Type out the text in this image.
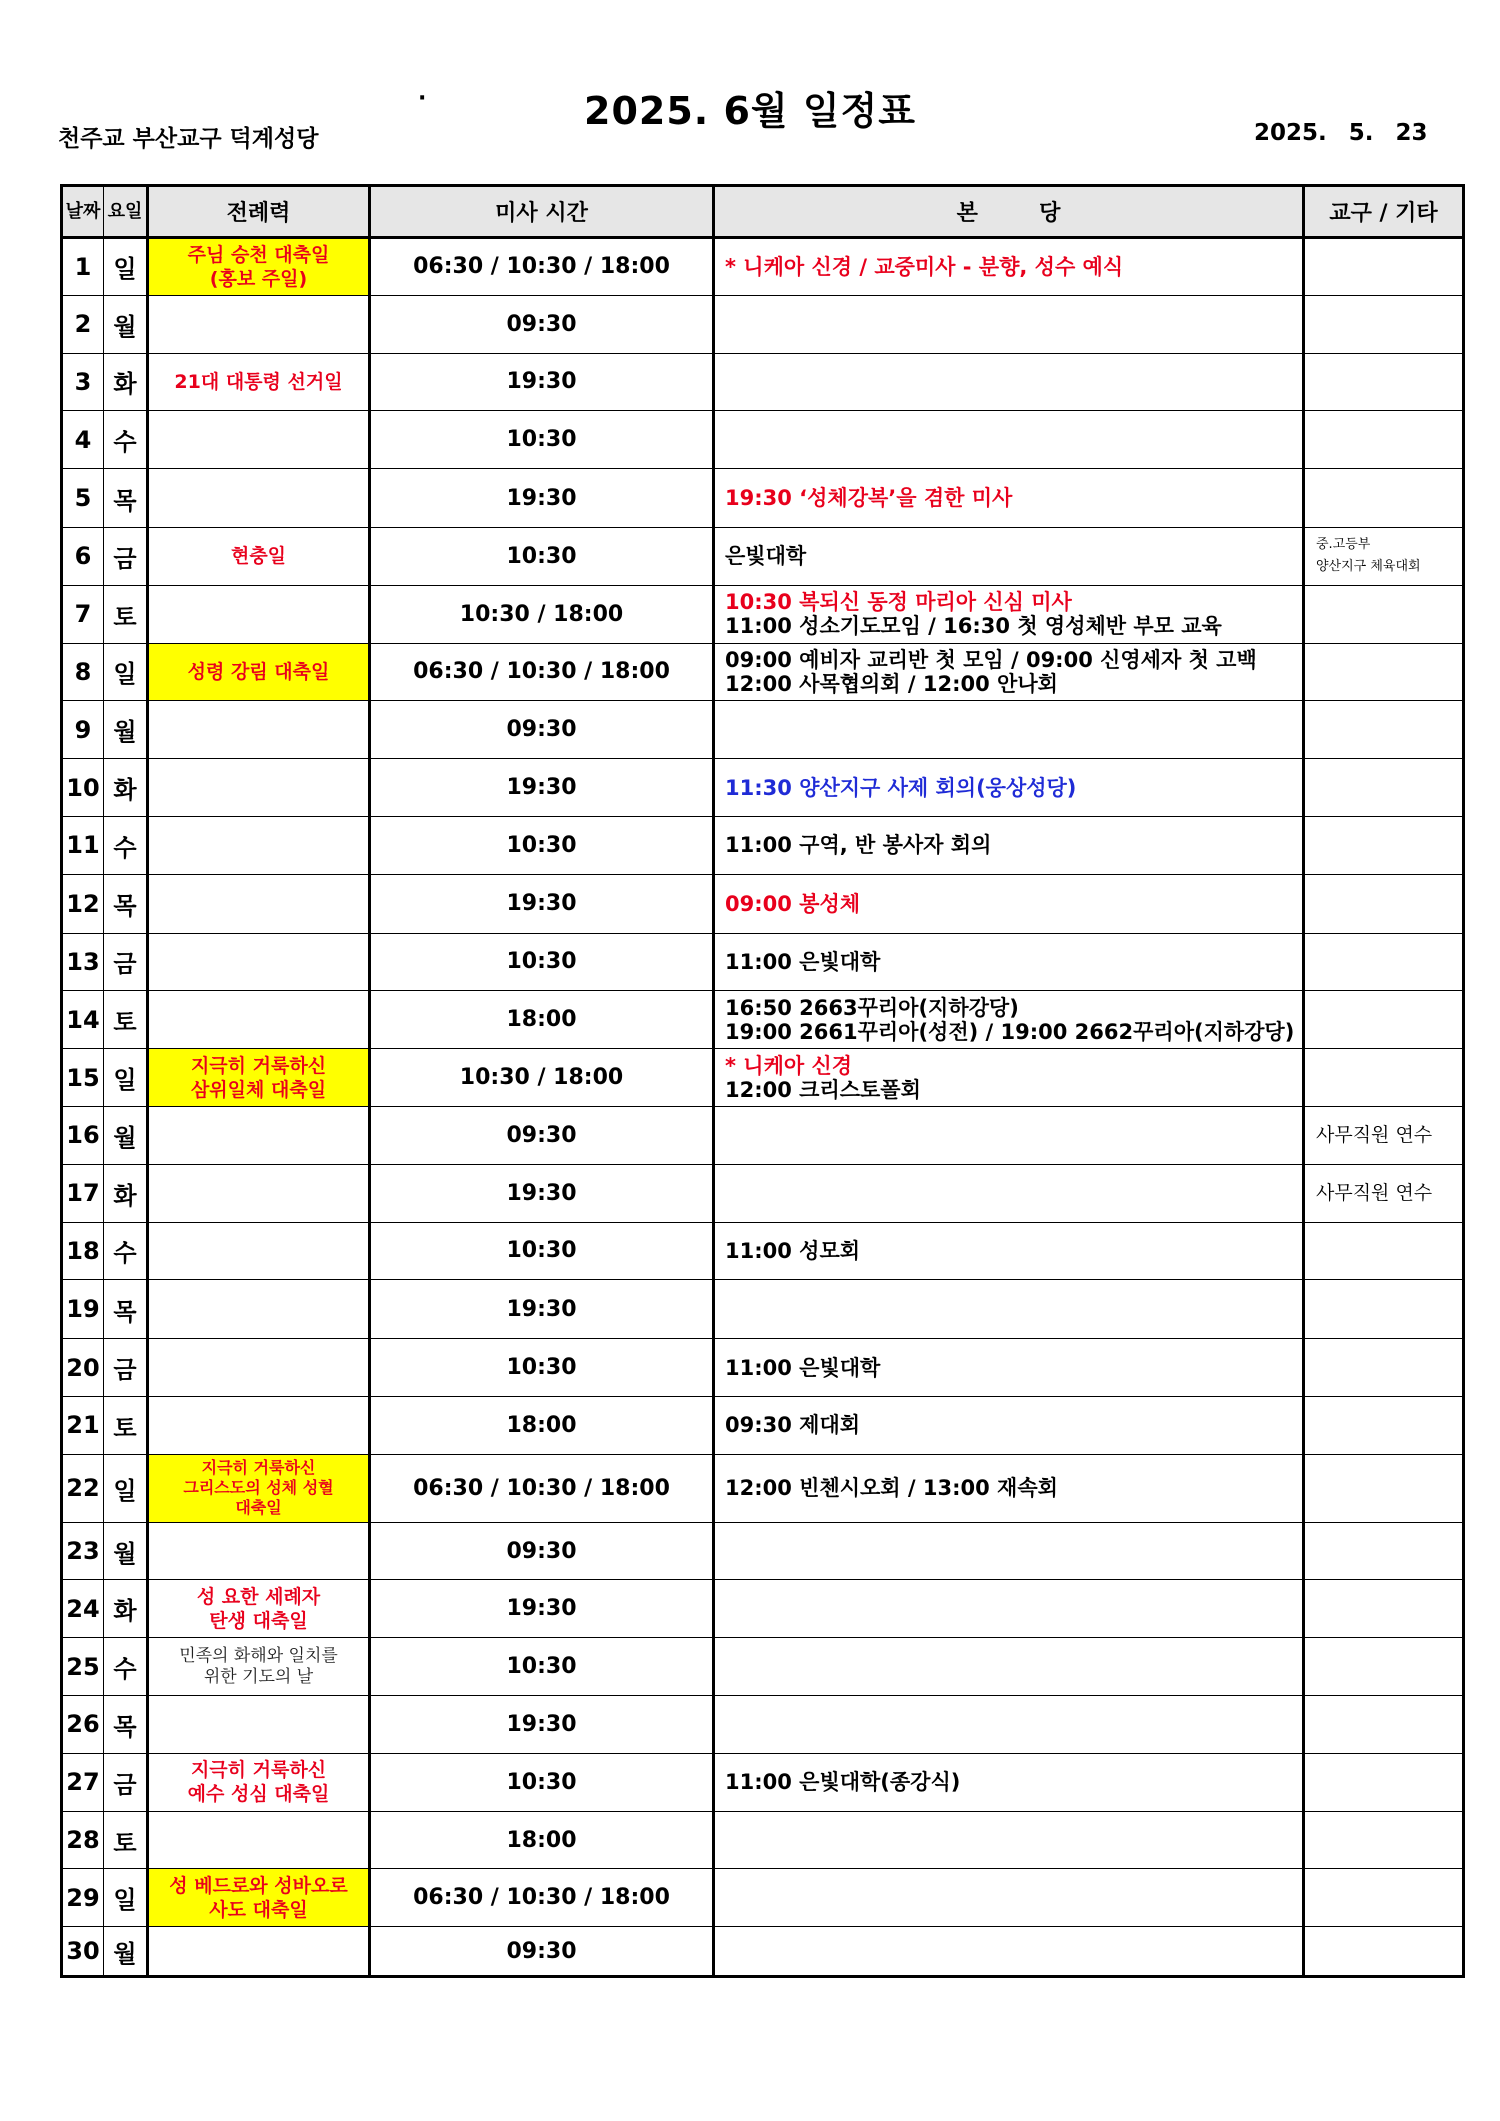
·	2025. 6월 일정표
천주교 부산교구 덕계성당	2025. 5. 23
날짜	요일	전례력	미사 시간	본        당	교구 / 기타
1	일	주님 승천 대축일
(홍보 주일)	06:30 / 10:30 / 18:00	* 니케아 신경 / 교중미사 - 분향, 성수 예식	

2	월		09:30		
3	화	21대 대통령 선거일	19:30		
4	수		10:30		
5	목		19:30	19:30 ‘성체강복’을 겸한 미사	

6	금	현충일	10:30	은빛대학	중.고등부
양산지구 체육대회

7	토		10:30 / 18:00	10:30 복되신 동정 마리아 신심 미사
11:00 성소기도모임 / 16:30 첫 영성체반 부모 교육	

8	일	성령 강림 대축일	06:30 / 10:30 / 18:00	09:00 예비자 교리반 첫 모임 / 09:00 신영세자 첫 고백
12:00 사목협의회 / 12:00 안나회	

9	월		09:30		
10	화		19:30	11:30 양산지구 사제 회의(웅상성당)	

11	수		10:30	11:00 구역, 반 봉사자 회의	

12	목		19:30	09:00 봉성체	

13	금		10:30	11:00 은빛대학	

14	토		18:00	16:50 2663꾸리아(지하강당)
19:00 2661꾸리아(성전) / 19:00 2662꾸리아(지하강당)	

15	일	지극히 거룩하신
삼위일체 대축일	10:30 / 18:00	* 니케아 신경
12:00 크리스토폴회	

16	월		09:30		사무직원 연수

17	화		19:30		사무직원 연수

18	수		10:30	11:00 성모회	

19	목		19:30		
20	금		10:30	11:00 은빛대학	

21	토		18:00	09:30 제대회	

22	일	지극히 거룩하신
그리스도의 성체 성혈
대축일	06:30 / 10:30 / 18:00	12:00 빈첸시오회 / 13:00 재속회	

23	월		09:30		
24	화	성 요한 세례자
탄생 대축일	19:30		
25	수	민족의 화해와 일치를
위한 기도의 날	10:30		
26	목		19:30		
27	금	지극히 거룩하신
예수 성심 대축일	10:30	11:00 은빛대학(종강식)	

28	토		18:00		
29	일	성 베드로와 성바오로
사도 대축일	06:30 / 10:30 / 18:00		
30	월		09:30		
